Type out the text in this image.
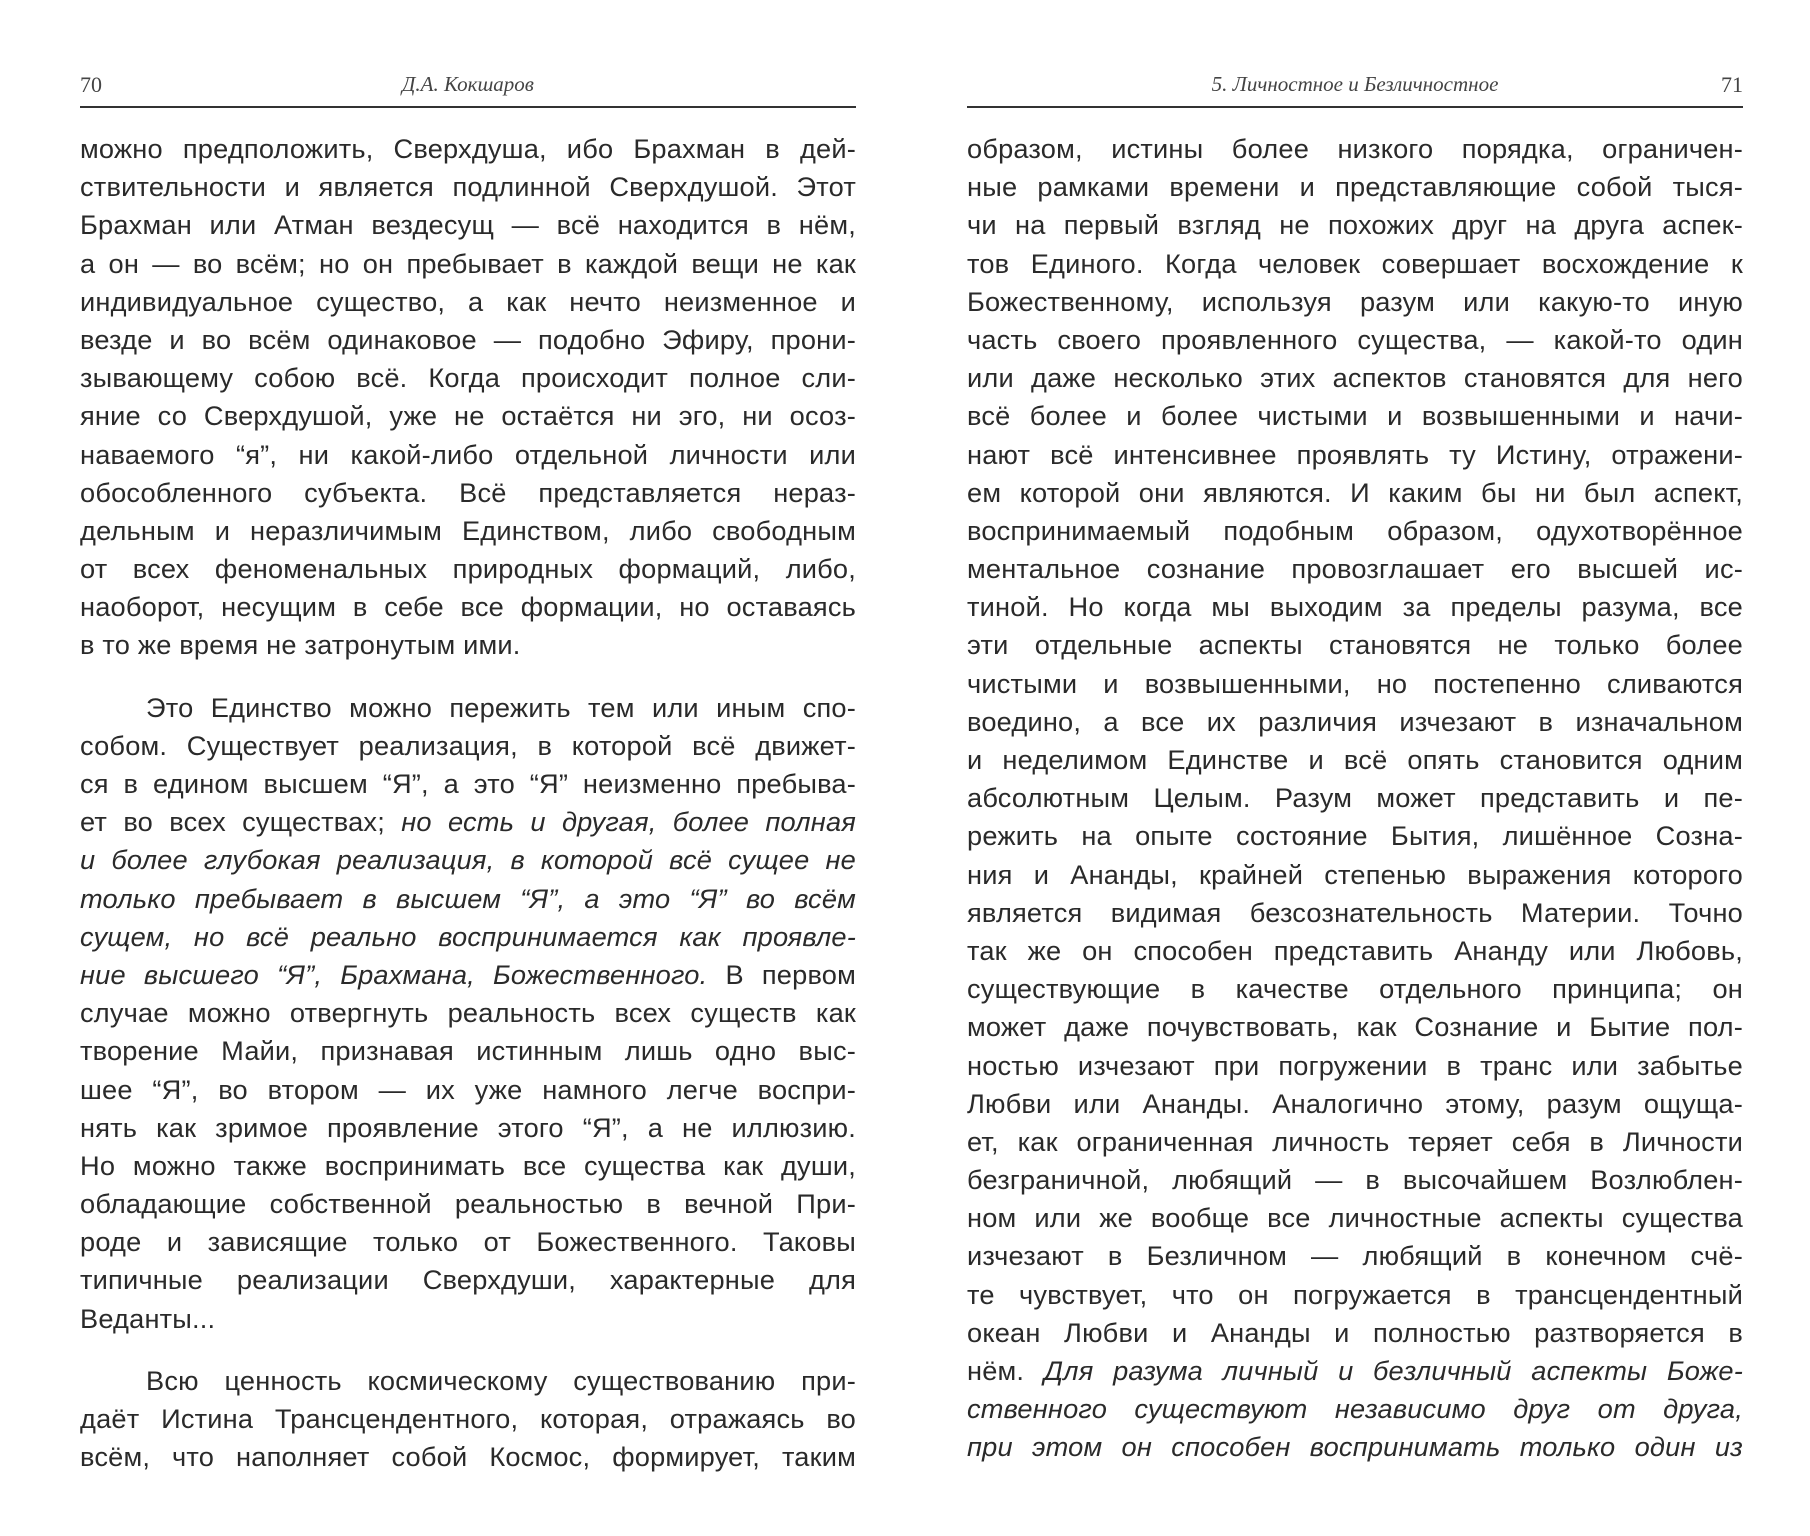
70	Д.А. Кокшаров
можно предположить, Сверхдуша, ибо Брахман в дей-
ствительности и является подлинной Сверхдушой. Этот
Брахман или Атман вездесущ — всё находится в нём,
а он — во всём; но он пребывает в каждой вещи не как
индивидуальное существо, а как нечто неизменное и
везде и во всём одинаковое — подобно Эфиру, прони-
зывающему собою всё. Когда происходит полное сли-
яние со Сверхдушой, уже не остаётся ни эго, ни осоз-
наваемого “я”, ни какой-либо отдельной личности или
обособленного субъекта. Всё представляется нераз-
дельным и неразличимым Единством, либо свободным
от всех феноменальных природных формаций, либо,
наоборот, несущим в себе все формации, но оставаясь
в то же время не затронутым ими.
Это Единство можно пережить тем или иным спо-
собом. Существует реализация, в которой всё движет-
ся в едином высшем “Я”, а это “Я” неизменно пребыва-
ет во всех существах; но есть и другая, более полная
и более глубокая реализация, в которой всё сущее не
только пребывает в высшем “Я”, а это “Я” во всём
сущем, но всё реально воспринимается как проявле-
ние высшего “Я”, Брахмана, Божественного. В первом
случае можно отвергнуть реальность всех существ как
творение Майи, признавая истинным лишь одно выс-
шее “Я”, во втором — их уже намного легче воспри-
нять как зримое проявление этого “Я”, а не иллюзию.
Но можно также воспринимать все существа как души,
обладающие собственной реальностью в вечной При-
роде и зависящие только от Божественного. Таковы
типичные реализации Сверхдуши, характерные для
Веданты...
Всю ценность космическому существованию при-
даёт Истина Трансцендентного, которая, отражаясь во
всём, что наполняет собой Космос, формирует, таким
5. Личностное и Безличностное	71
образом, истины более низкого порядка, ограничен-
ные рамками времени и представляющие собой тыся-
чи на первый взгляд не похожих друг на друга аспек-
тов Единого. Когда человек совершает восхождение к
Божественному, используя разум или какую-то иную
часть своего проявленного существа, — какой-то один
или даже несколько этих аспектов становятся для него
всё более и более чистыми и возвышенными и начи-
нают всё интенсивнее проявлять ту Истину, отражени-
ем которой они являются. И каким бы ни был аспект,
воспринимаемый подобным образом, одухотворённое
ментальное сознание провозглашает его высшей ис-
тиной. Но когда мы выходим за пределы разума, все
эти отдельные аспекты становятся не только более
чистыми и возвышенными, но постепенно сливаются
воедино, а все их различия изчезают в изначальном
и неделимом Единстве и всё опять становится одним
абсолютным Целым. Разум может представить и пе-
режить на опыте состояние Бытия, лишённое Созна-
ния и Ананды, крайней степенью выражения которого
является видимая безсознательность Материи. Точно
так же он способен представить Ананду или Любовь,
существующие в качестве отдельного принципа; он
может даже почувствовать, как Сознание и Бытие пол-
ностью изчезают при погружении в транс или забытье
Любви или Ананды. Аналогично этому, разум ощуща-
ет, как ограниченная личность теряет себя в Личности
безграничной, любящий — в высочайшем Возлюблен-
ном или же вообще все личностные аспекты существа
изчезают в Безличном — любящий в конечном счё-
те чувствует, что он погружается в трансцендентный
океан Любви и Ананды и полностью разтворяется в
нём. Для разума личный и безличный аспекты Боже-
ственного существуют независимо друг от друга,
при этом он способен воспринимать только один из
